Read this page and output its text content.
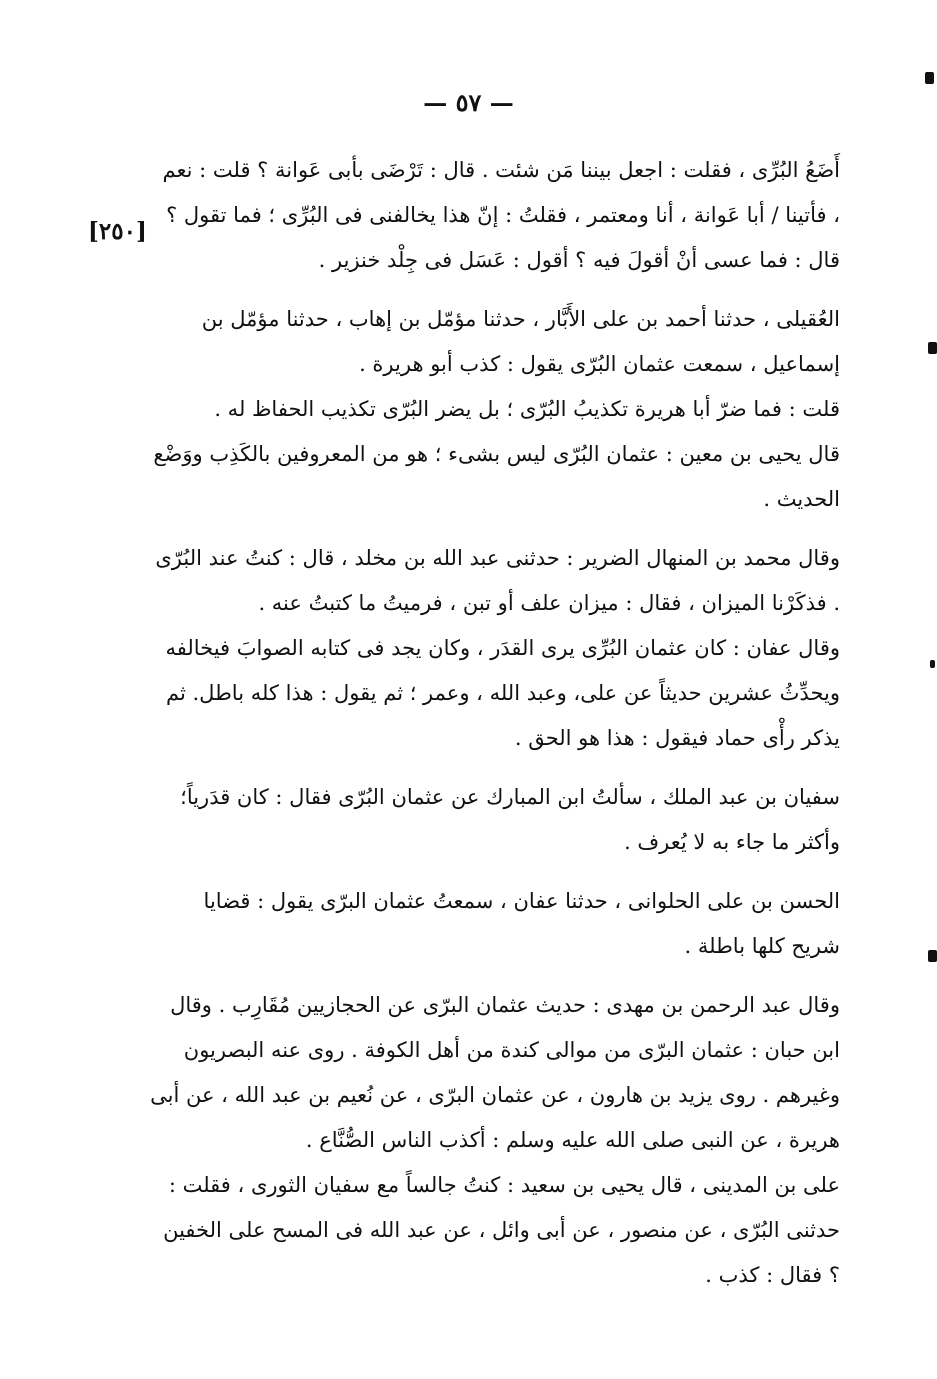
— ٥٧ —
[٢٥٠]

أَضَعُ البُرِّى ، فقلت : اجعل بيننا مَن شئت . قال : تَرْضَى بأبى عَوانة ؟ قلت : نعم ، فأتينا / أبا عَوانة ، أنا ومعتمر ، فقلتُ : إنّ هذا يخالفنى فى البُرِّى ؛ فما تقول ؟ قال : فما عسى أنْ أقولَ فيه ؟ أقول : عَسَل فى جِلْد خنزير .

العُقيلى ، حدثنا أحمد بن على الأَبَّار ، حدثنا مؤمّل بن إهاب ، حدثنا مؤمّل بن إسماعيل ، سمعت عثمان البُرّى يقول : كذب أبو هريرة .

قلت : فما ضرّ أبا هريرة تكذيبُ البُرّى ؛ بل يضر البُرّى تكذيب الحفاظ له .

قال يحيى بن معين : عثمان البُرّى ليس بشىء ؛ هو من المعروفين بالكَذِب ووَضْع الحديث .

وقال محمد بن المنهال الضرير : حدثنى عبد الله بن مخلد ، قال : كنتُ عند البُرّى . فذكَرْنا الميزان ، فقال : ميزان علف أو تبن ، فرميتُ ما كتبتُ عنه .

وقال عفان : كان عثمان البُرِّى يرى القدَر ، وكان يجد فى كتابه الصوابَ فيخالفه ويحدِّثُ عشرين حديثاً عن على، وعبد الله ، وعمر ؛ ثم يقول : هذا كله باطل. ثم يذكر رأْى حماد فيقول : هذا هو الحق .

سفيان بن عبد الملك ، سألتُ ابن المبارك عن عثمان البُرّى فقال : كان قدَرياً؛ وأكثر ما جاء به لا يُعرف .

الحسن بن على الحلوانى ، حدثنا عفان ، سمعتُ عثمان البرّى يقول : قضايا شريح كلها باطلة .

وقال عبد الرحمن بن مهدى : حديث عثمان البرّى عن الحجازيين مُقَارِب . وقال ابن حبان : عثمان البرّى من موالى كندة من أهل الكوفة . روى عنه البصريون وغيرهم . روى يزيد بن هارون ، عن عثمان البرّى ، عن نُعيم بن عبد الله ، عن أبى هريرة ، عن النبى صلى الله عليه وسلم : أكذب الناس الصُّنَّاع .

على بن المدينى ، قال يحيى بن سعيد : كنتُ جالساً مع سفيان الثورى ، فقلت : حدثنى البُرّى ، عن منصور ، عن أبى وائل ، عن عبد الله فى المسح على الخفين ؟ فقال : كذب .
